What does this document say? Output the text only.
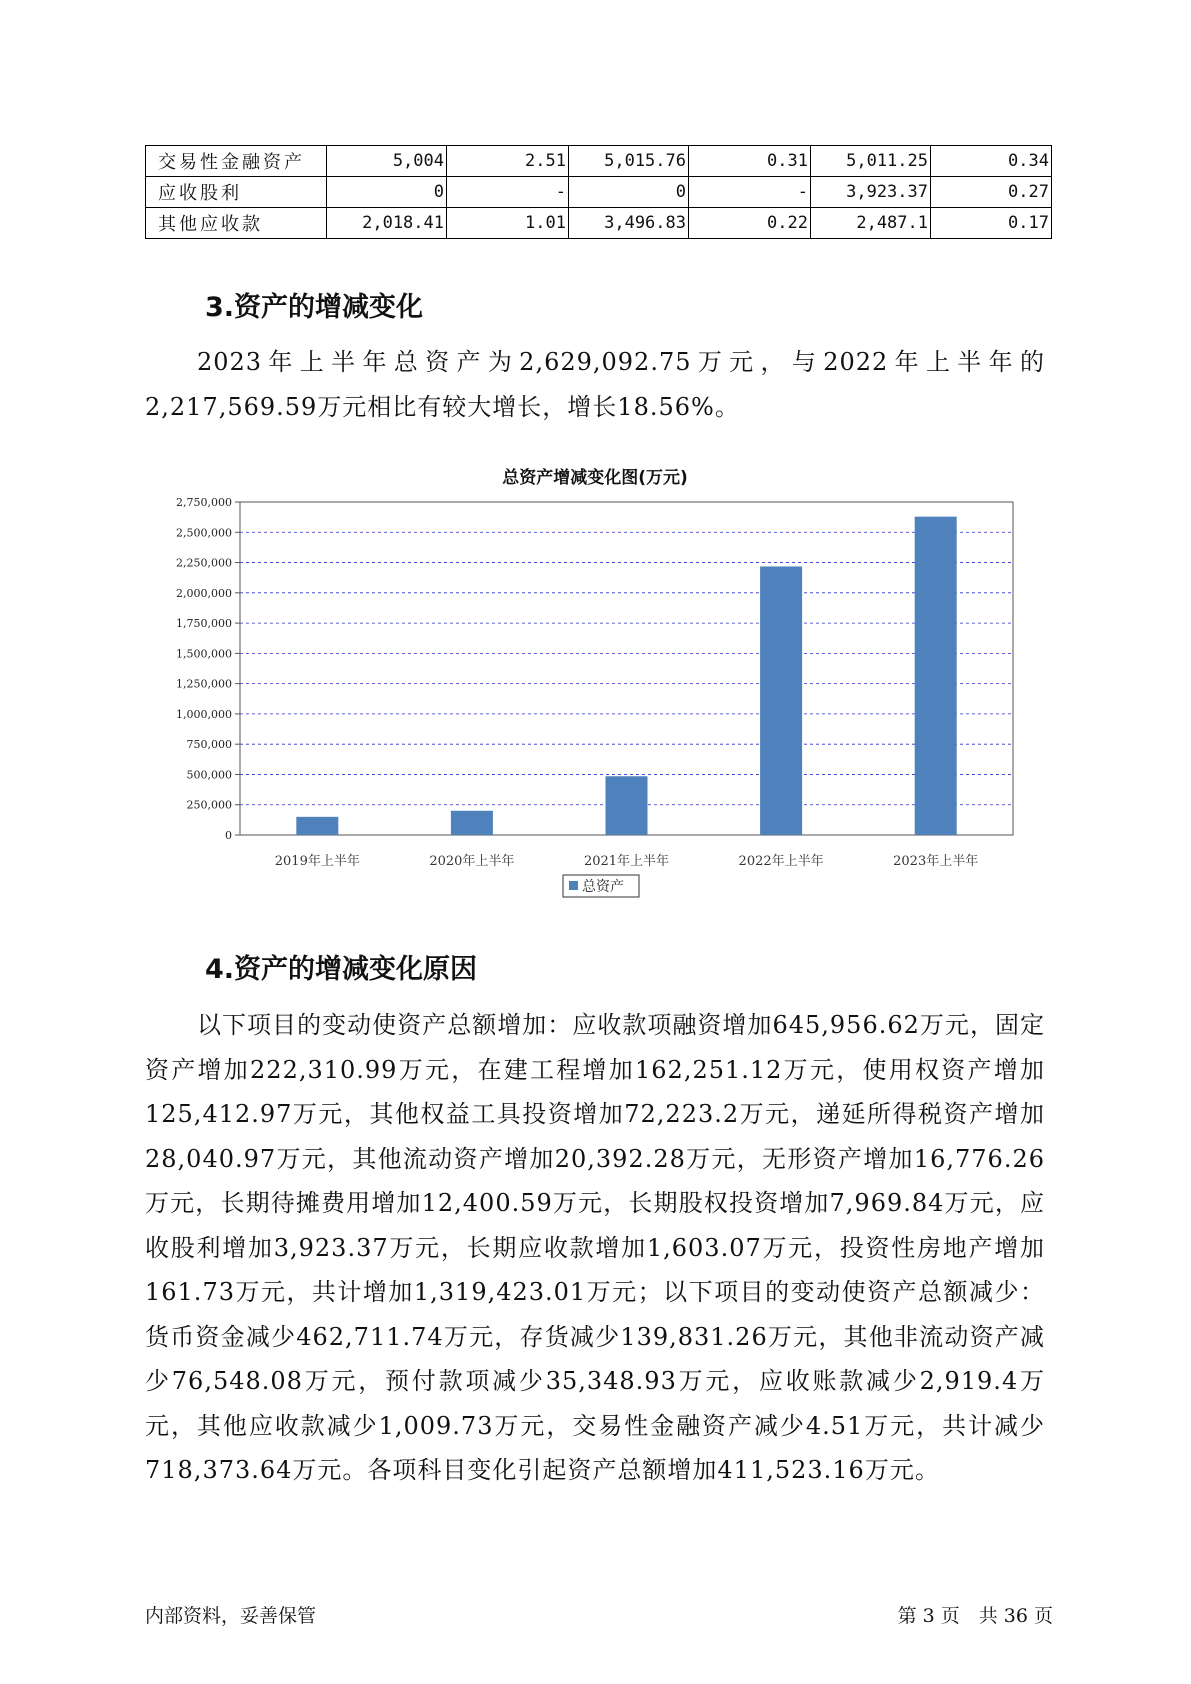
交易性金融资产	5,004	2.51	5,015.76	0.31	5,011.25	0.34
应收股利	0	-	0	-	3,923.37	0.27
其他应收款	2,018.41	1.01	3,496.83	0.22	2,487.1	0.17
3.资产的增减变化

2023年上半年总资产为2,629,092.75万元，与2022年上半年的2,217,569.59万元相比有较大增长，增长18.56%。

总资产增减变化图(万元)
0
250,000
500,000
750,000
1,000,000
1,250,000
1,500,000
1,750,000
2,000,000
2,250,000
2,500,000
2,750,000
2019年上半年	2020年上半年	2021年上半年	2022年上半年	2023年上半年
总资产
4.资产的增减变化原因

以下项目的变动使资产总额增加：应收款项融资增加645,956.62万元，固定资产增加222,310.99万元，在建工程增加162,251.12万元，使用权资产增加125,412.97万元，其他权益工具投资增加72,223.2万元，递延所得税资产增加28,040.97万元，其他流动资产增加20,392.28万元，无形资产增加16,776.26万元，长期待摊费用增加12,400.59万元，长期股权投资增加7,969.84万元，应收股利增加3,923.37万元，长期应收款增加1,603.07万元，投资性房地产增加161.73万元，共计增加1,319,423.01万元；以下项目的变动使资产总额减少：货币资金减少462,711.74万元，存货减少139,831.26万元，其他非流动资产减少76,548.08万元，预付款项减少35,348.93万元，应收账款减少2,919.4万元，其他应收款减少1,009.73万元，交易性金融资产减少4.51万元，共计减少718,373.64万元。各项科目变化引起资产总额增加411,523.16万元。

内部资料，妥善保管	第 3 页　共 36 页
